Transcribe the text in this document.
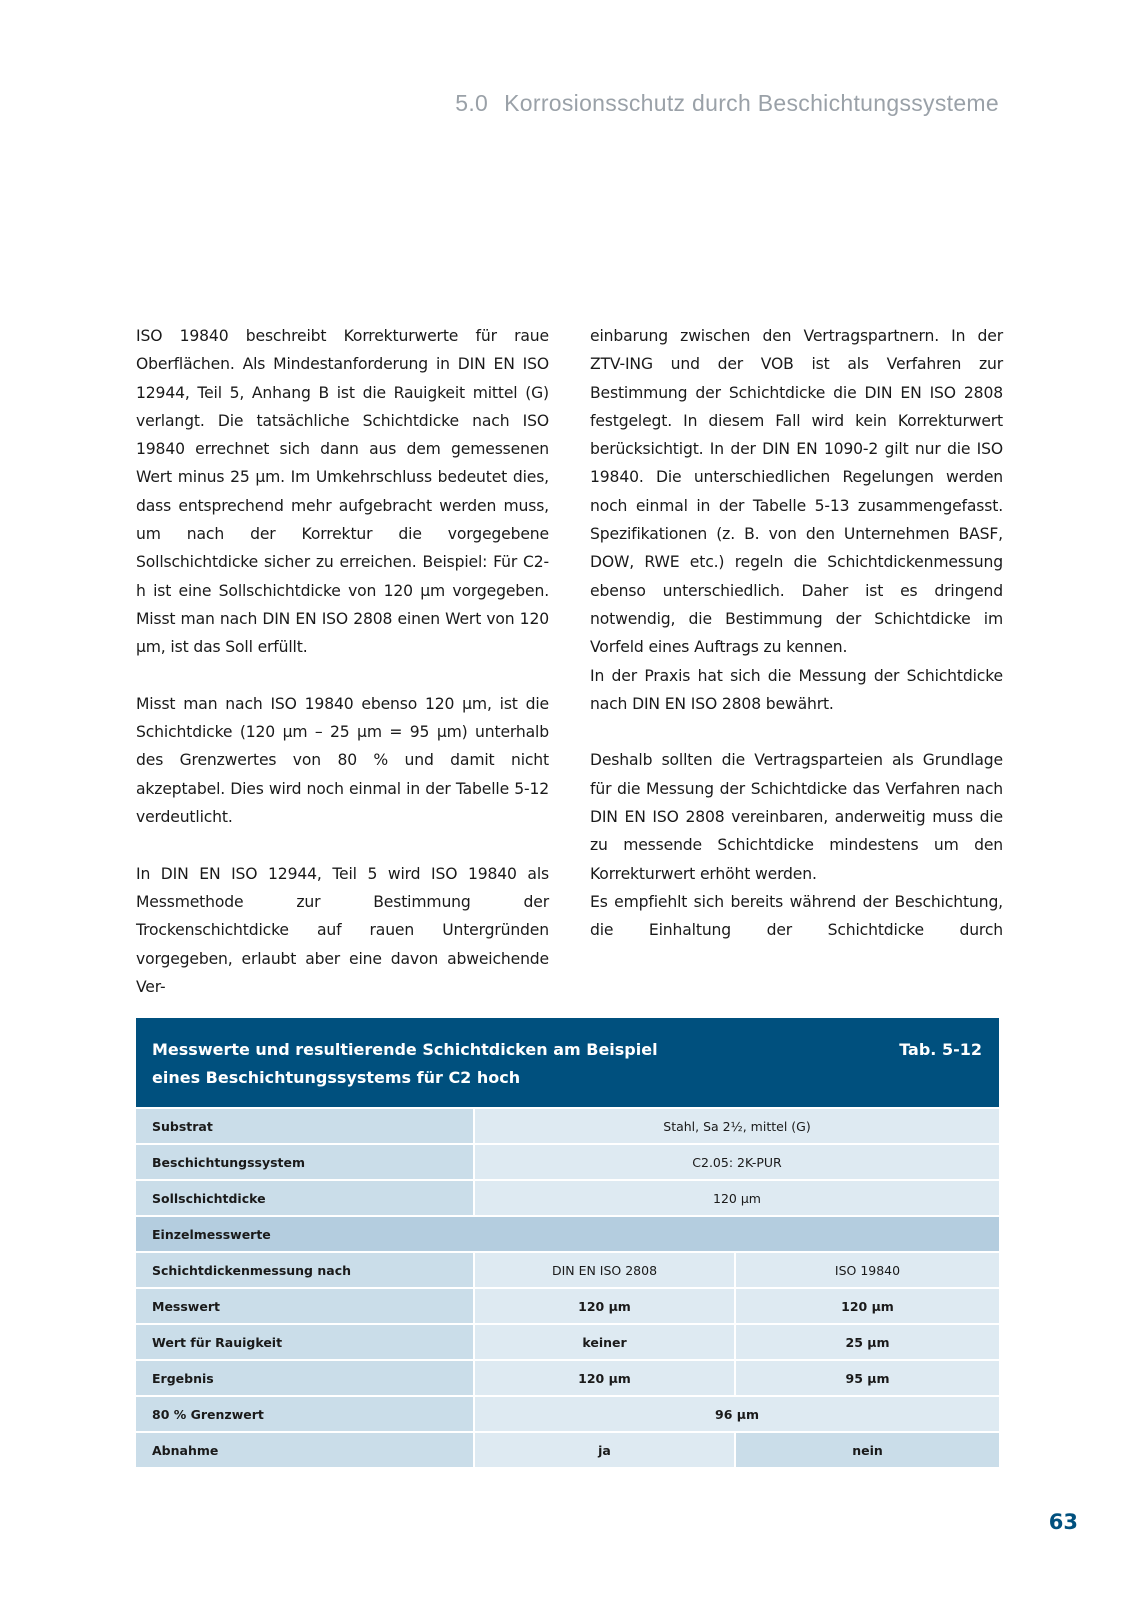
5.0 Korrosionsschutz durch Beschichtungssysteme

ISO 19840 beschreibt Korrekturwerte für raue Oberflächen. Als Mindestanforderung in DIN EN ISO 12944, Teil 5, Anhang B ist die Rauigkeit mittel (G) verlangt. Die tatsächliche Schichtdicke nach ISO 19840 errechnet sich dann aus dem gemessenen Wert minus 25 µm. Im Umkehrschluss bedeutet dies, dass entsprechend mehr aufgebracht werden muss, um nach der Korrektur die vorgegebene Sollschichtdicke sicher zu erreichen. Beispiel: Für C2-h ist eine Sollschichtdicke von 120 µm vorgegeben. Misst man nach DIN EN ISO 2808 einen Wert von 120 µm, ist das Soll erfüllt.

Misst man nach ISO 19840 ebenso 120 µm, ist die Schichtdicke (120 µm – 25 µm = 95 µm) unterhalb des Grenzwertes von 80 % und damit nicht akzeptabel. Dies wird noch einmal in der Tabelle 5-12 verdeutlicht.

In DIN EN ISO 12944, Teil 5 wird ISO 19840 als Messmethode zur Bestimmung der Trockenschichtdicke auf rauen Untergründen vorgegeben, erlaubt aber eine davon abweichende Ver-

einbarung zwischen den Vertragspartnern. In der ZTV-ING und der VOB ist als Verfahren zur Bestimmung der Schichtdicke die DIN EN ISO 2808 festgelegt. In diesem Fall wird kein Korrekturwert berücksichtigt. In der DIN EN 1090-2 gilt nur die ISO 19840. Die unterschiedlichen Regelungen werden noch einmal in der Tabelle 5-13 zusammengefasst. Spezifikationen (z. B. von den Unternehmen BASF, DOW, RWE etc.) regeln die Schichtdickenmessung ebenso unterschiedlich. Daher ist es dringend notwendig, die Bestimmung der Schichtdicke im Vorfeld eines Auftrags zu kennen.

In der Praxis hat sich die Messung der Schichtdicke nach DIN EN ISO 2808 bewährt.

Deshalb sollten die Vertragsparteien als Grundlage für die Messung der Schichtdicke das Verfahren nach DIN EN ISO 2808 vereinbaren, anderweitig muss die zu messende Schichtdicke mindestens um den Korrekturwert erhöht werden.

Es empfiehlt sich bereits während der Beschichtung, die Einhaltung der Schichtdicke durch

Messwerte und resultierende Schichtdicken am Beispiel
eines Beschichtungssystems für C2 hoch
Tab. 5-12
Substrat	Stahl, Sa 2½, mittel (G)
Beschichtungssystem	C2.05: 2K-PUR
Sollschichtdicke	120 µm
Einzelmesswerte
Schichtdickenmessung nach	DIN EN ISO 2808	ISO 19840
Messwert	120 µm	120 µm
Wert für Rauigkeit	keiner	25 µm
Ergebnis	120 µm	95 µm
80 % Grenzwert	96 µm
Abnahme	ja	nein
63
